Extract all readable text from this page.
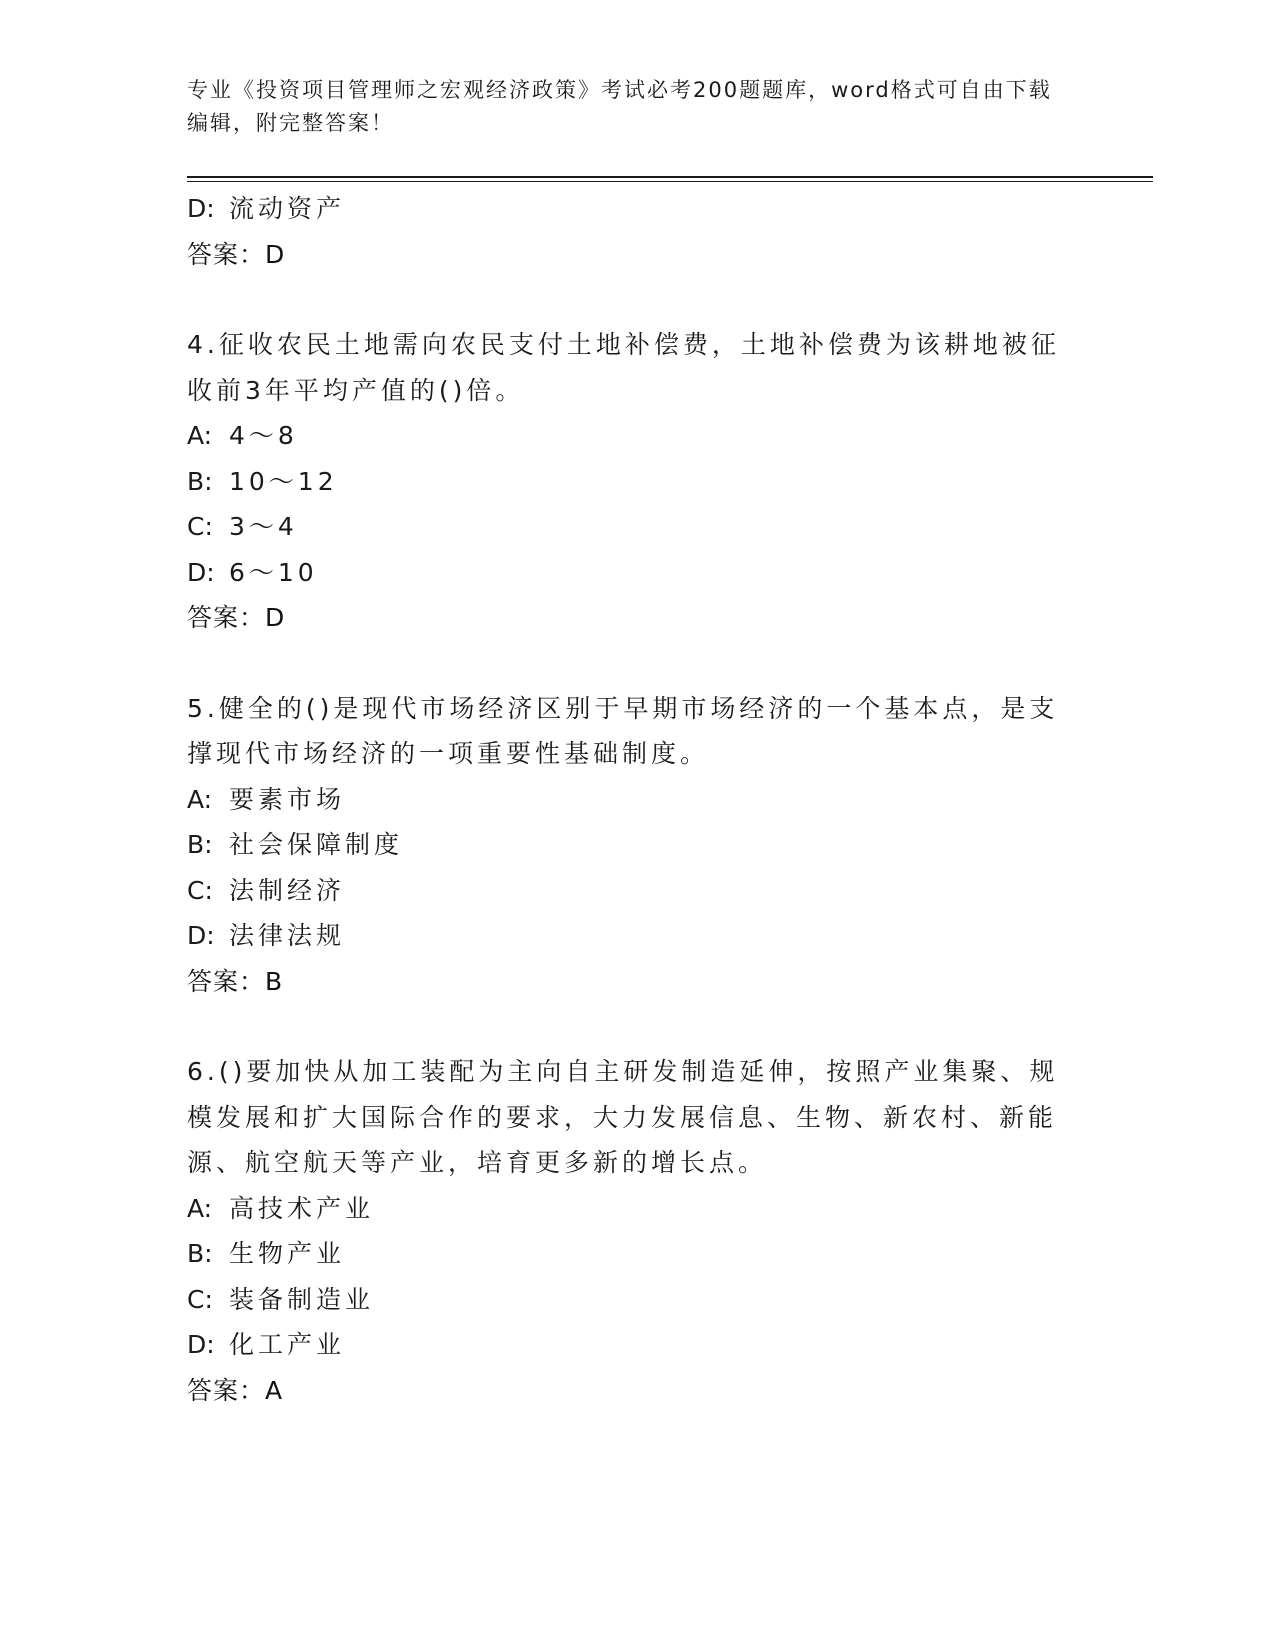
专业《投资项目管理师之宏观经济政策》考试必考200题题库，word格式可自由下载编辑，附完整答案！
D: 流动资产
答案：D
4.征收农民土地需向农民支付土地补偿费，土地补偿费为该耕地被征收前3年平均产值的()倍。
A: 4～8
B: 10～12
C: 3～4
D: 6～10
答案：D
5.健全的()是现代市场经济区别于早期市场经济的一个基本点，是支撑现代市场经济的一项重要性基础制度。
A: 要素市场
B: 社会保障制度
C: 法制经济
D: 法律法规
答案：B
6.()要加快从加工装配为主向自主研发制造延伸，按照产业集聚、规模发展和扩大国际合作的要求，大力发展信息、生物、新农村、新能源、航空航天等产业，培育更多新的增长点。
A: 高技术产业
B: 生物产业
C: 装备制造业
D: 化工产业
答案：A
